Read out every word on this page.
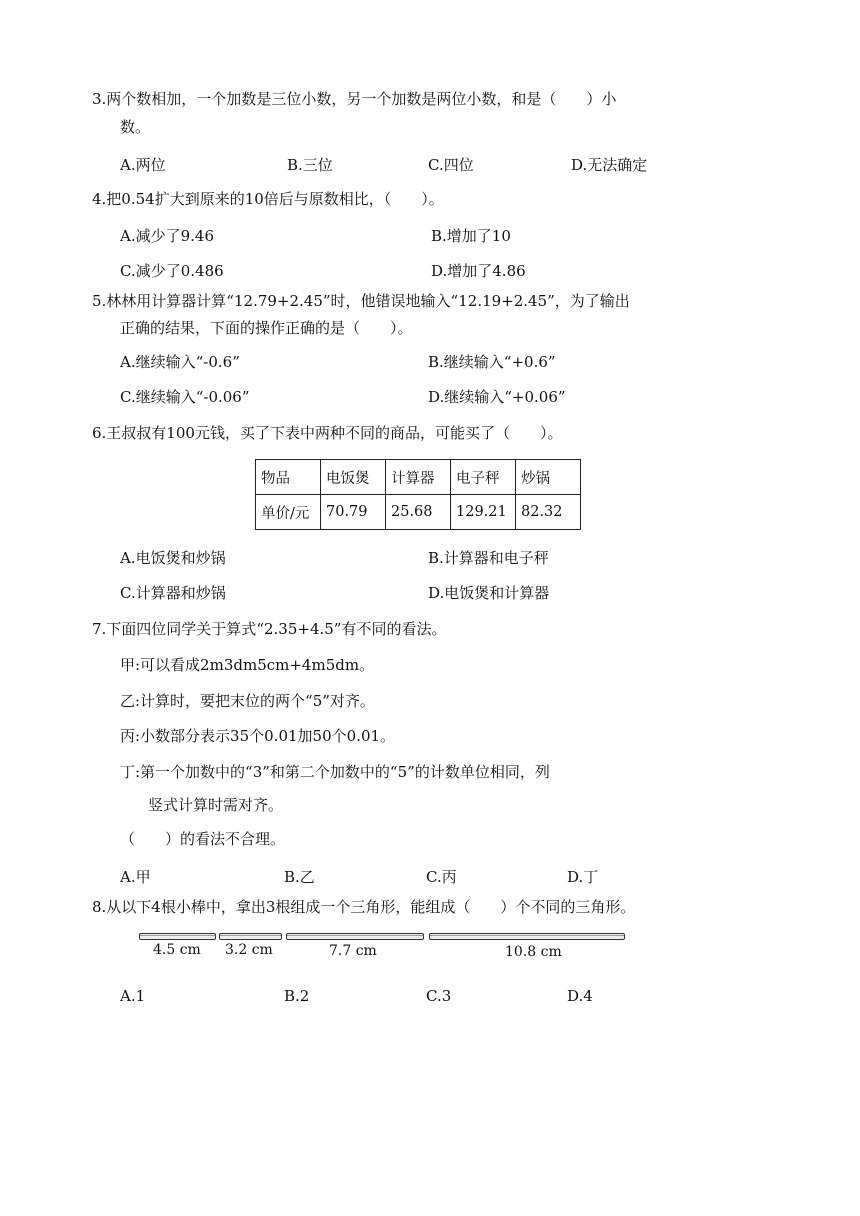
3.两个数相加，一个加数是三位小数，另一个加数是两位小数，和是（　　）小
数。
A.两位	B.三位	C.四位	D.无法确定
4.把0.54扩大到原来的10倍后与原数相比，（　　）。
A.减少了9.46	B.增加了10
C.减少了0.486	D.增加了4.86
5.林林用计算器计算“12.79+2.45”时，他错误地输入“12.19+2.45”，为了输出
正确的结果，下面的操作正确的是（　　）。
A.继续输入“-0.6”	B.继续输入“+0.6”
C.继续输入“-0.06”	D.继续输入“+0.06”
6.王叔叔有100元钱，买了下表中两种不同的商品，可能买了（　　）。
物品	电饭煲	计算器	电子秤	炒锅
单价/元	70.79	25.68	129.21	82.32
A.电饭煲和炒锅	B.计算器和电子秤
C.计算器和炒锅	D.电饭煲和计算器
7.下面四位同学关于算式“2.35+4.5”有不同的看法。
甲:可以看成2m3dm5cm+4m5dm。
乙:计算时，要把末位的两个“5”对齐。
丙:小数部分表示35个0.01加50个0.01。
丁:第一个加数中的“3”和第二个加数中的“5”的计数单位相同，列
竖式计算时需对齐。
（　　）的看法不合理。
A.甲	B.乙	C.丙	D.丁
8.从以下4根小棒中，拿出3根组成一个三角形，能组成（　　）个不同的三角形。
4.5 cm 3.2 cm	7.7 cm	10.8 cm
A.1	B.2	C.3	D.4
